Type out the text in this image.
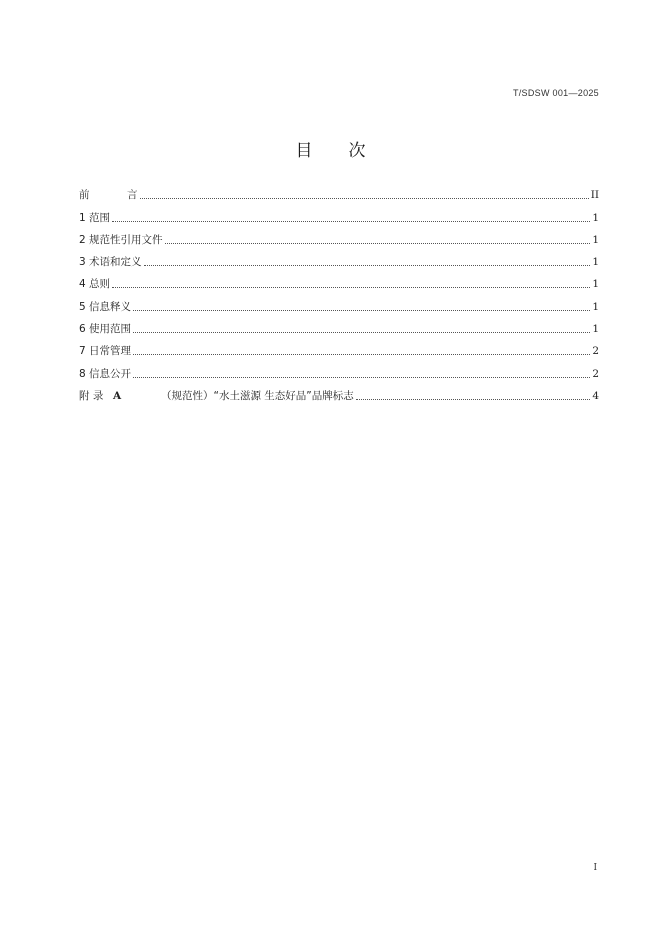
T/SDSW 001—2025
目 次
前	言	II
1 范围	1
2 规范性引用文件	1
3 术语和定义	1
4 总则	1
5 信息释义	1
6 使用范围	1
7 日常管理	2
8 信息公开	2
附 录 A	（规范性）“水土滋源 生态好品”品牌标志	4
I
